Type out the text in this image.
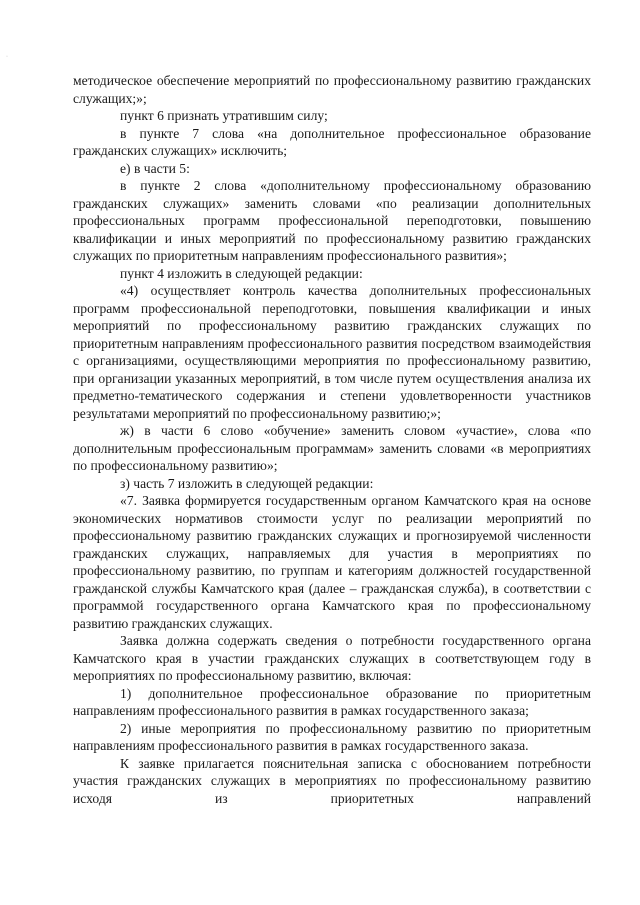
·

методическое обеспечение мероприятий по профессиональному развитию гражданских служащих;»;

пункт 6 признать утратившим силу;

в пункте 7 слова «на дополнительное профессиональное образование гражданских служащих» исключить;

е) в части 5:

в пункте 2 слова «дополнительному профессиональному образованию гражданских служащих» заменить словами «по реализации дополнительных профессиональных программ профессиональной переподготовки, повышению квалификации и иных мероприятий по профессиональному развитию гражданских служащих по приоритетным направлениям профессионального развития»;

пункт 4 изложить в следующей редакции:

«4) осуществляет контроль качества дополнительных профессиональных программ профессиональной переподготовки, повышения квалификации и иных мероприятий по профессиональному развитию гражданских служащих по приоритетным направлениям профессионального развития посредством взаимодействия с организациями, осуществляющими мероприятия по профессиональному развитию, при организации указанных мероприятий, в том числе путем осуществления анализа их предметно-тематического содержания и степени удовлетворенности участников результатами мероприятий по профессиональному развитию;»;

ж) в части 6 слово «обучение» заменить словом «участие», слова «по дополнительным профессиональным программам» заменить словами «в мероприятиях по профессиональному развитию»;

з) часть 7 изложить в следующей редакции:

«7. Заявка формируется государственным органом Камчатского края на основе экономических нормативов стоимости услуг по реализации мероприятий по профессиональному развитию гражданских служащих и прогнозируемой численности гражданских служащих, направляемых для участия в мероприятиях по профессиональному развитию, по группам и категориям должностей государственной гражданской службы Камчатского края (далее – гражданская служба), в соответствии с программой государственного органа Камчатского края по профессиональному развитию гражданских служащих.

Заявка должна содержать сведения о потребности государственного органа Камчатского края в участии гражданских служащих в соответствующем году в мероприятиях по профессиональному развитию, включая:

1) дополнительное профессиональное образование по приоритетным направлениям профессионального развития в рамках государственного заказа;

2) иные мероприятия по профессиональному развитию по приоритетным направлениям профессионального развития в рамках государственного заказа.

К заявке прилагается пояснительная записка с обоснованием потребности участия гражданских служащих в мероприятиях по профессиональному развитию исходя из приоритетных направлений
